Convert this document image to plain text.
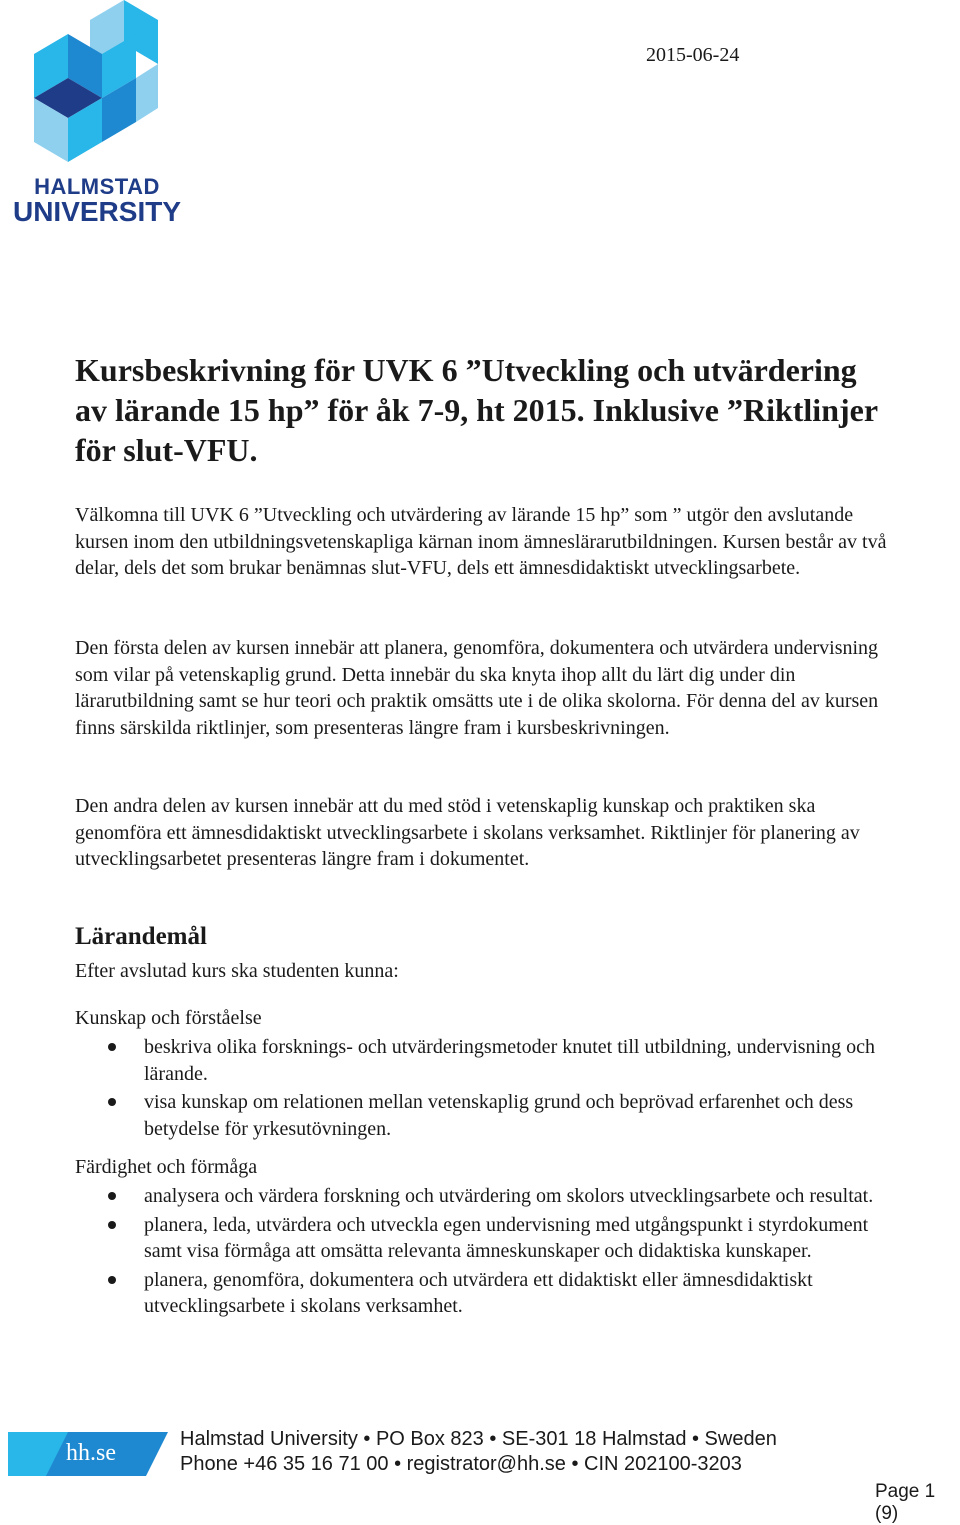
HALMSTAD
UNIVERSITY
2015-06-24
Kursbeskrivning för UVK 6 ”Utveckling och utvärdering av lärande 15 hp” för åk 7-9, ht 2015. Inklusive ”Riktlinjer för slut-VFU.

Välkomna till UVK 6 ”Utveckling och utvärdering av lärande 15 hp” som ” utgör den avslutande kursen inom den utbildningsvetenskapliga kärnan inom ämneslärarutbildningen. Kursen består av två delar, dels det som brukar benämnas slut-VFU, dels ett ämnesdidaktiskt utvecklingsarbete.

Den första delen av kursen innebär att planera, genomföra, dokumentera och utvärdera undervisning som vilar på vetenskaplig grund. Detta innebär du ska knyta ihop allt du lärt dig under din lärarutbildning samt se hur teori och praktik omsätts ute i de olika skolorna. För denna del av kursen finns särskilda riktlinjer, som presenteras längre fram i kursbeskrivningen.

Den andra delen av kursen innebär att du med stöd i vetenskaplig kunskap och praktiken ska genomföra ett ämnesdidaktiskt utvecklingsarbete i skolans verksamhet. Riktlinjer för planering av utvecklingsarbetet presenteras längre fram i dokumentet.

Lärandemål

Efter avslutad kurs ska studenten kunna:

Kunskap och förståelse

beskriva olika forsknings- och utvärderingsmetoder knutet till utbildning, undervisning och lärande.
visa kunskap om relationen mellan vetenskaplig grund och beprövad erfarenhet och dess betydelse för yrkesutövningen.

Färdighet och förmåga

analysera och värdera forskning och utvärdering om skolors utvecklingsarbete och resultat.
planera, leda, utvärdera och utveckla egen undervisning med utgångspunkt i styrdokument samt visa förmåga att omsätta relevanta ämneskunskaper och didaktiska kunskaper.
planera, genomföra, dokumentera och utvärdera ett didaktiskt eller ämnesdidaktiskt utvecklingsarbete i skolans verksamhet.
hh.se
Halmstad University • PO Box 823 • SE-301 18 Halmstad • Sweden
Phone +46 35 16 71 00 • registrator@hh.se • CIN 202100-3203
Page 1 (9)
